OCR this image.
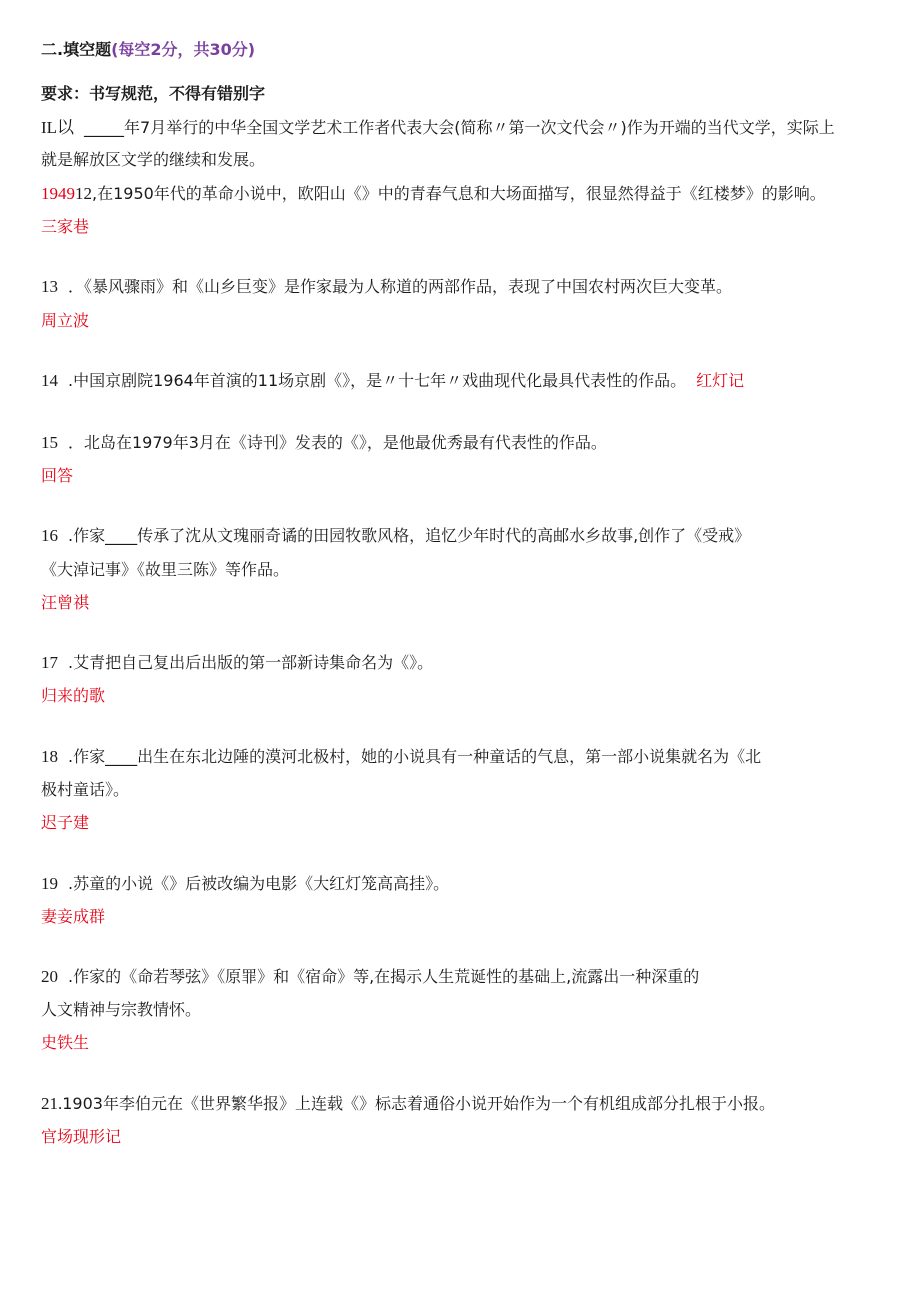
二.填空题(每空2分，共30分)
要求：书写规范，不得有错别字
IL以 _____年7月举行的中华全国文学艺术工作者代表大会(简称〃第一次文代会〃)作为开端的当代文学，实际上
就是解放区文学的继续和发展。
194912,在1950年代的革命小说中，欧阳山《》中的青春气息和大场面描写，很显然得益于《红楼梦》的影响。
三家巷
13 ．《暴风骤雨》和《山乡巨变》是作家最为人称道的两部作品，表现了中国农村两次巨大变革。
周立波
14 .中国京剧院1964年首演的11场京剧《》，是〃十七年〃戏曲现代化最具代表性的作品。 红灯记
15 ．北岛在1979年3月在《诗刊》发表的《》，是他最优秀最有代表性的作品。
回答
16 .作家____传承了沈从文瑰丽奇谲的田园牧歌风格，追忆少年时代的高邮水乡故事,创作了《受戒》
《大淖记事》《故里三陈》等作品。
汪曾祺
17 .艾青把自己复出后出版的第一部新诗集命名为《》。
归来的歌
18 .作家____出生在东北边陲的漠河北极村，她的小说具有一种童话的气息，第一部小说集就名为《北
极村童话》。
迟子建
19 .苏童的小说《》后被改编为电影《大红灯笼高高挂》。
妻妾成群
20 .作家的《命若琴弦》《原罪》和《宿命》等,在揭示人生荒诞性的基础上,流露出一种深重的
人文精神与宗教情怀。
史铁生
21.1903年李伯元在《世界繁华报》上连载《》标志着通俗小说开始作为一个有机组成部分扎根于小报。
官场现形记
